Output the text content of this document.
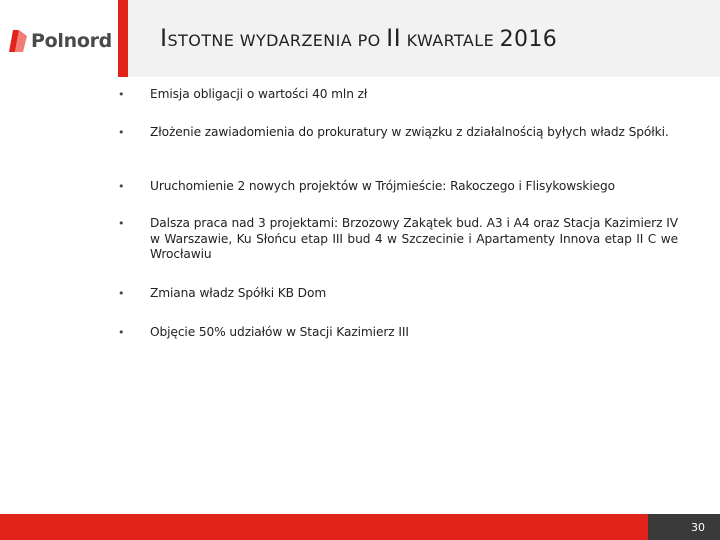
Polnord ISTOTNE WYDARZENIA PO II KWARTALE 2016
• Emisja obligacji o wartości 40 mln zł
• Złożenie zawiadomienia do prokuratury w związku z działalnością byłych władz Spółki.
• Uruchomienie 2 nowych projektów w Trójmieście: Rakoczego i Flisykowskiego
• Dalsza praca nad 3 projektami: Brzozowy Zakątek bud. A3 i A4 oraz Stacja Kazimierz IV w Warszawie, Ku Słońcu etap III bud 4 w Szczecinie i Apartamenty Innova etap II C we Wrocławiu
• Zmiana władz Spółki KB Dom
• Objęcie 50% udziałów w Stacji Kazimierz III
30
